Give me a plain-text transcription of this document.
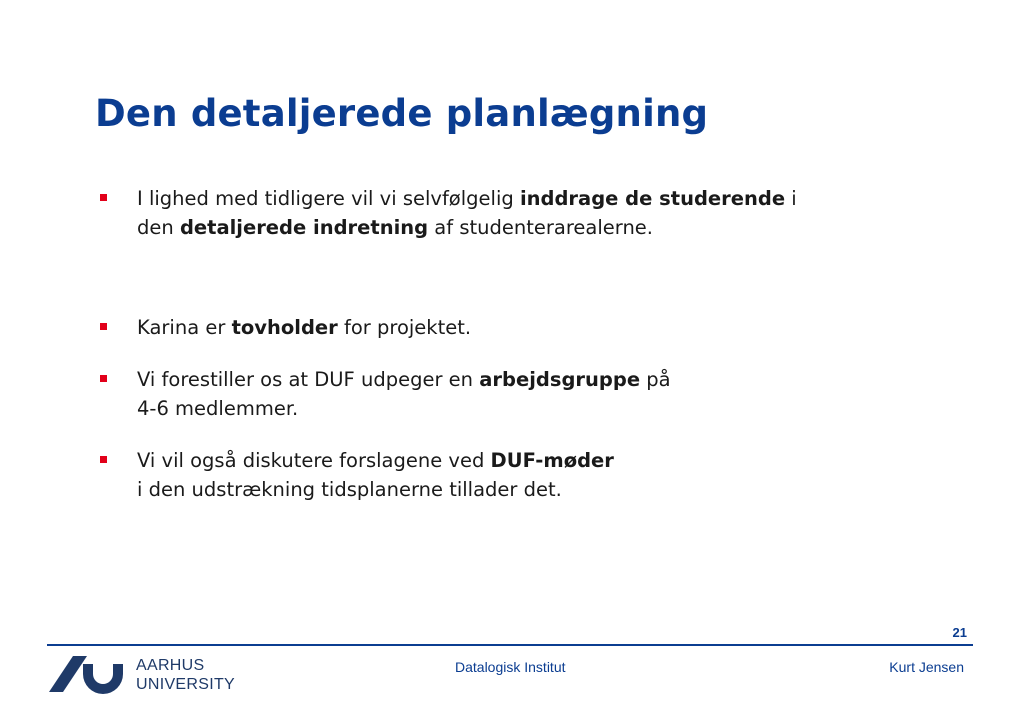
Den detaljerede planlægning
I lighed med tidligere vil vi selvfølgelig inddrage de studerende i
den detaljerede indretning af studenterarealerne.
Karina er tovholder for projektet.
Vi forestiller os at DUF udpeger en arbejdsgruppe på
4-6 medlemmer.
Vi vil også diskutere forslagene ved DUF-møder
i den udstrækning tidsplanerne tillader det.
21
AARHUS
UNIVERSITY
Datalogisk Institut	Kurt Jensen
